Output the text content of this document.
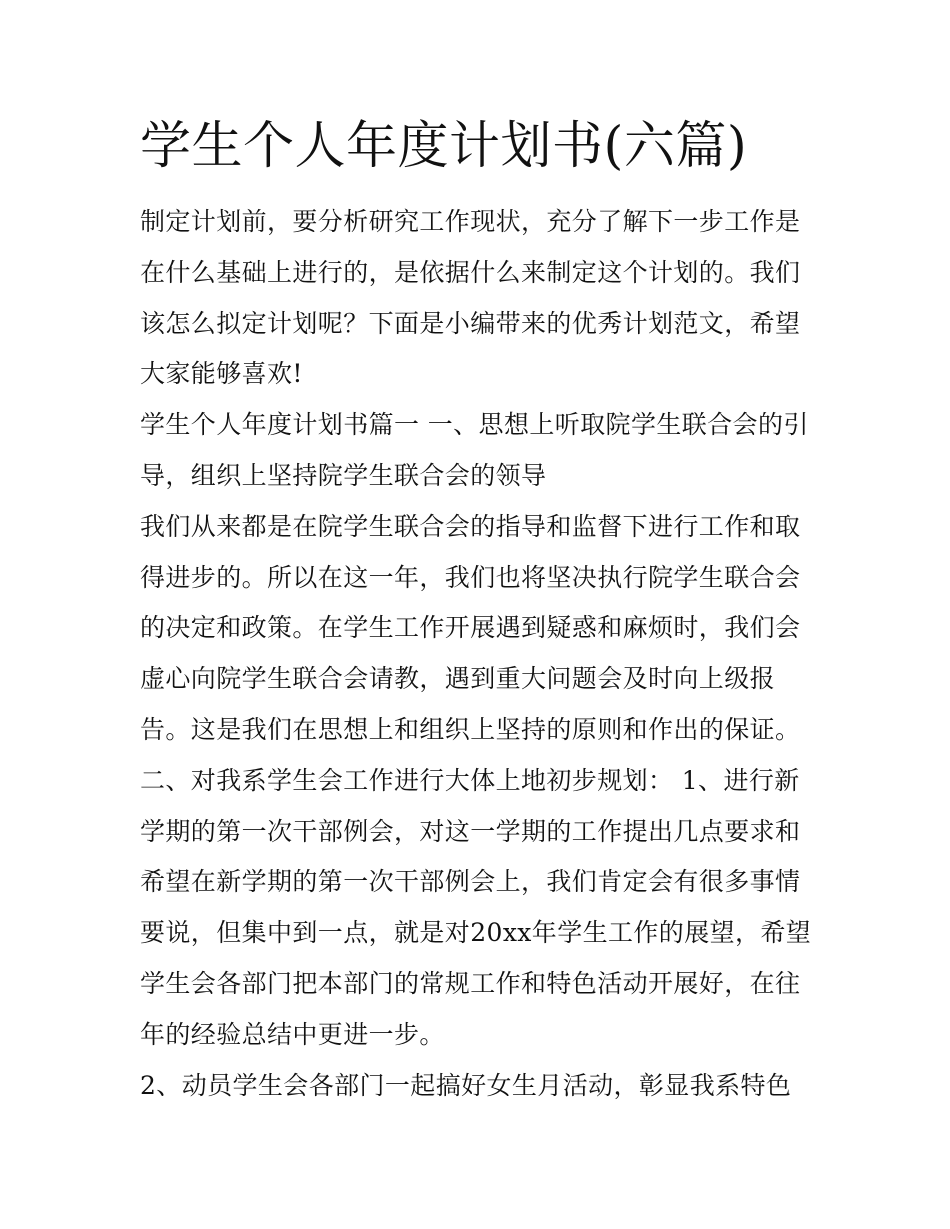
学生个人年度计划书(六篇)

制定计划前，要分析研究工作现状，充分了解下一步工作是在什么基础上进行的，是依据什么来制定这个计划的。我们该怎么拟定计划呢？下面是小编带来的优秀计划范文，希望大家能够喜欢!

学生个人年度计划书篇一 一、思想上听取院学生联合会的引导，组织上坚持院学生联合会的领导

我们从来都是在院学生联合会的指导和监督下进行工作和取得进步的。所以在这一年，我们也将坚决执行院学生联合会的决定和政策。在学生工作开展遇到疑惑和麻烦时，我们会虚心向院学生联合会请教，遇到重大问题会及时向上级报告。这是我们在思想上和组织上坚持的原则和作出的保证。

二、对我系学生会工作进行大体上地初步规划： 1、进行新学期的第一次干部例会，对这一学期的工作提出几点要求和希望在新学期的第一次干部例会上，我们肯定会有很多事情要说，但集中到一点，就是对20xx年学生工作的展望，希望学生会各部门把本部门的常规工作和特色活动开展好，在往年的经验总结中更进一步。

2、动员学生会各部门一起搞好女生月活动，彰显我系特色
